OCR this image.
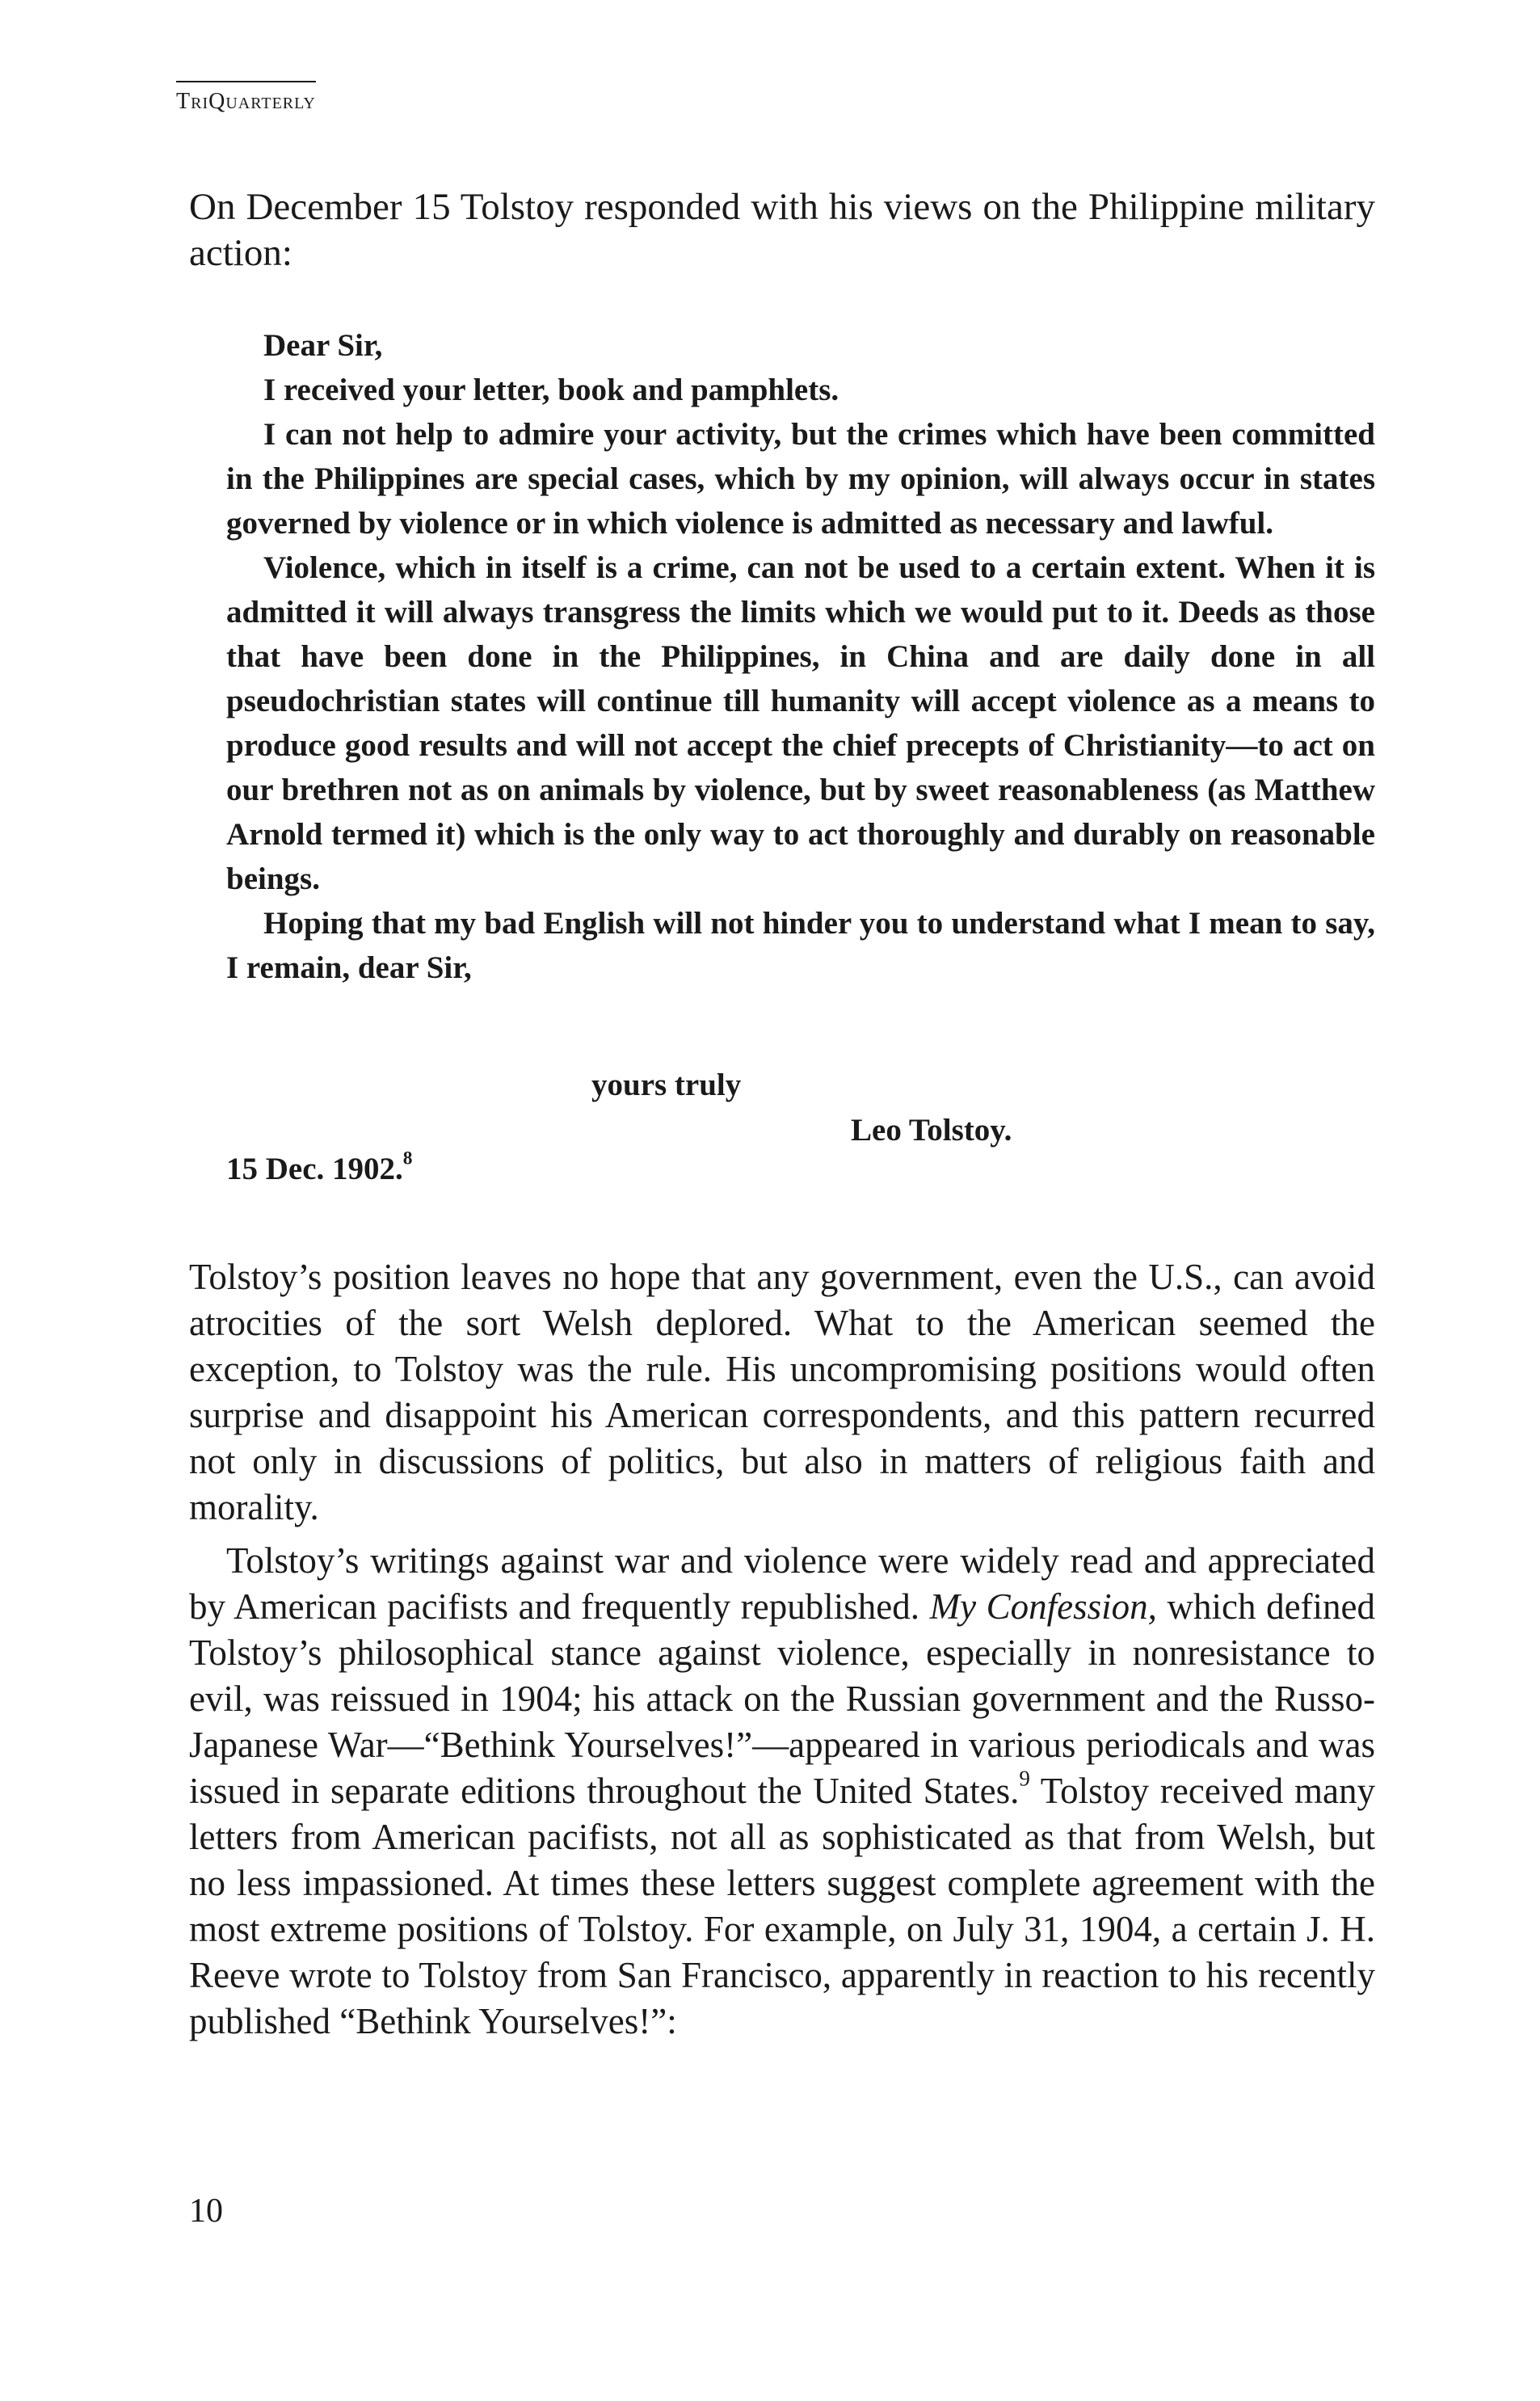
TriQuarterly

On December 15 Tolstoy responded with his views on the Philippine military action:

Dear Sir,

I received your letter, book and pamphlets.

I can not help to admire your activity, but the crimes which have been committed in the Philippines are special cases, which by my opinion, will always occur in states governed by violence or in which violence is admitted as necessary and lawful.

Violence, which in itself is a crime, can not be used to a certain extent. When it is admitted it will always transgress the limits which we would put to it. Deeds as those that have been done in the Philippines, in China and are daily done in all pseudochristian states will continue till humanity will accept violence as a means to produce good results and will not accept the chief precepts of Christianity—to act on our brethren not as on animals by violence, but by sweet reasonableness (as Matthew Arnold termed it) which is the only way to act thoroughly and durably on reasonable beings.

Hoping that my bad English will not hinder you to understand what I mean to say, I remain, dear Sir,

yours truly
Leo Tolstoy.
15 Dec. 1902.$^8$

Tolstoy’s position leaves no hope that any government, even the U.S., can avoid atrocities of the sort Welsh deplored. What to the American seemed the exception, to Tolstoy was the rule. His uncompromising positions would often surprise and disappoint his American correspondents, and this pattern recurred not only in discussions of politics, but also in matters of religious faith and morality.

Tolstoy’s writings against war and violence were widely read and appreciated by American pacifists and frequently republished. My Confession, which defined Tolstoy’s philosophical stance against violence, especially in nonresistance to evil, was reissued in 1904; his attack on the Russian government and the Russo-Japanese War—“Bethink Yourselves!”—appeared in various periodicals and was issued in separate editions throughout the United States.$^9$ Tolstoy received many letters from American pacifists, not all as sophisticated as that from Welsh, but no less impassioned. At times these letters suggest complete agreement with the most extreme positions of Tolstoy. For example, on July 31, 1904, a certain J. H. Reeve wrote to Tolstoy from San Francisco, apparently in reaction to his recently published “Bethink Yourselves!”:

10
